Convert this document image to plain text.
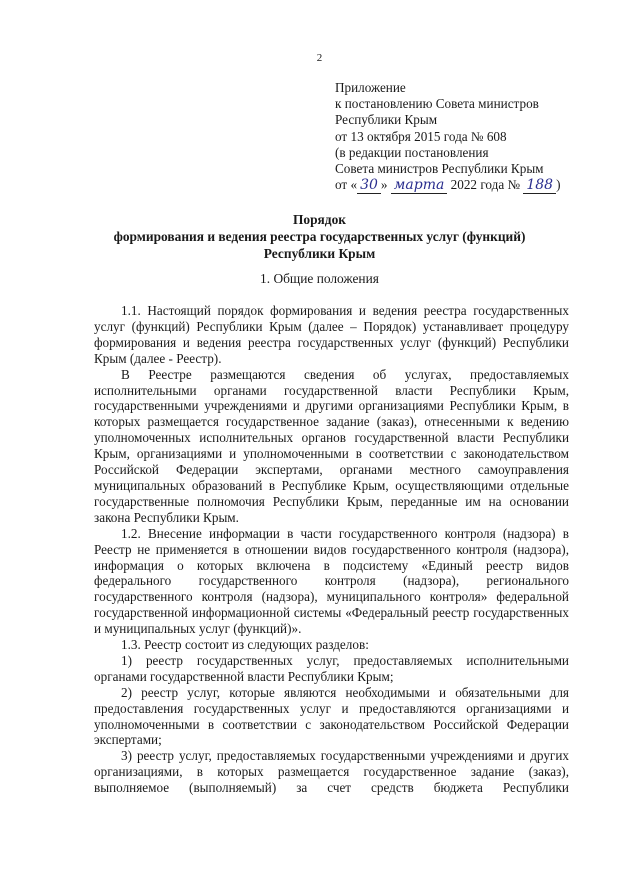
2
Приложение
к постановлению Совета министров
Республики Крым
от 13 октября 2015 года № 608
(в редакции постановления
Совета министров Республики Крым
от « 30 » марта 2022 года № 188 )
Порядок
формирования и ведения реестра государственных услуг (функций)
Республики Крым
1. Общие положения

1.1. Настоящий порядок формирования и ведения реестра государственных услуг (функций) Республики Крым (далее – Порядок) устанавливает процедуру формирования и ведения реестра государственных услуг (функций) Республики Крым (далее - Реестр).

В Реестре размещаются сведения об услугах, предоставляемых исполнительными органами государственной власти Республики Крым, государственными учреждениями и другими организациями Республики Крым, в которых размещается государственное задание (заказ), отнесенными к ведению уполномоченных исполнительных органов государственной власти Республики Крым, организациями и уполномоченными в соответствии с законодательством Российской Федерации экспертами, органами местного самоуправления муниципальных образований в Республике Крым, осуществляющими отдельные государственные полномочия Республики Крым, переданные им на основании закона Республики Крым.

1.2. Внесение информации в части государственного контроля (надзора) в Реестр не применяется в отношении видов государственного контроля (надзора), информация о которых включена в подсистему «Единый реестр видов федерального государственного контроля (надзора), регионального государственного контроля (надзора), муниципального контроля» федеральной государственной информационной системы «Федеральный реестр государственных и муниципальных услуг (функций)».

1.3. Реестр состоит из следующих разделов:

1) реестр государственных услуг, предоставляемых исполнительными органами государственной власти Республики Крым;

2) реестр услуг, которые являются необходимыми и обязательными для предоставления государственных услуг и предоставляются организациями и уполномоченными в соответствии с законодательством Российской Федерации экспертами;

3) реестр услуг, предоставляемых государственными учреждениями и других организациями, в которых размещается государственное задание (заказ), выполняемое (выполняемый) за счет средств бюджета Республики
